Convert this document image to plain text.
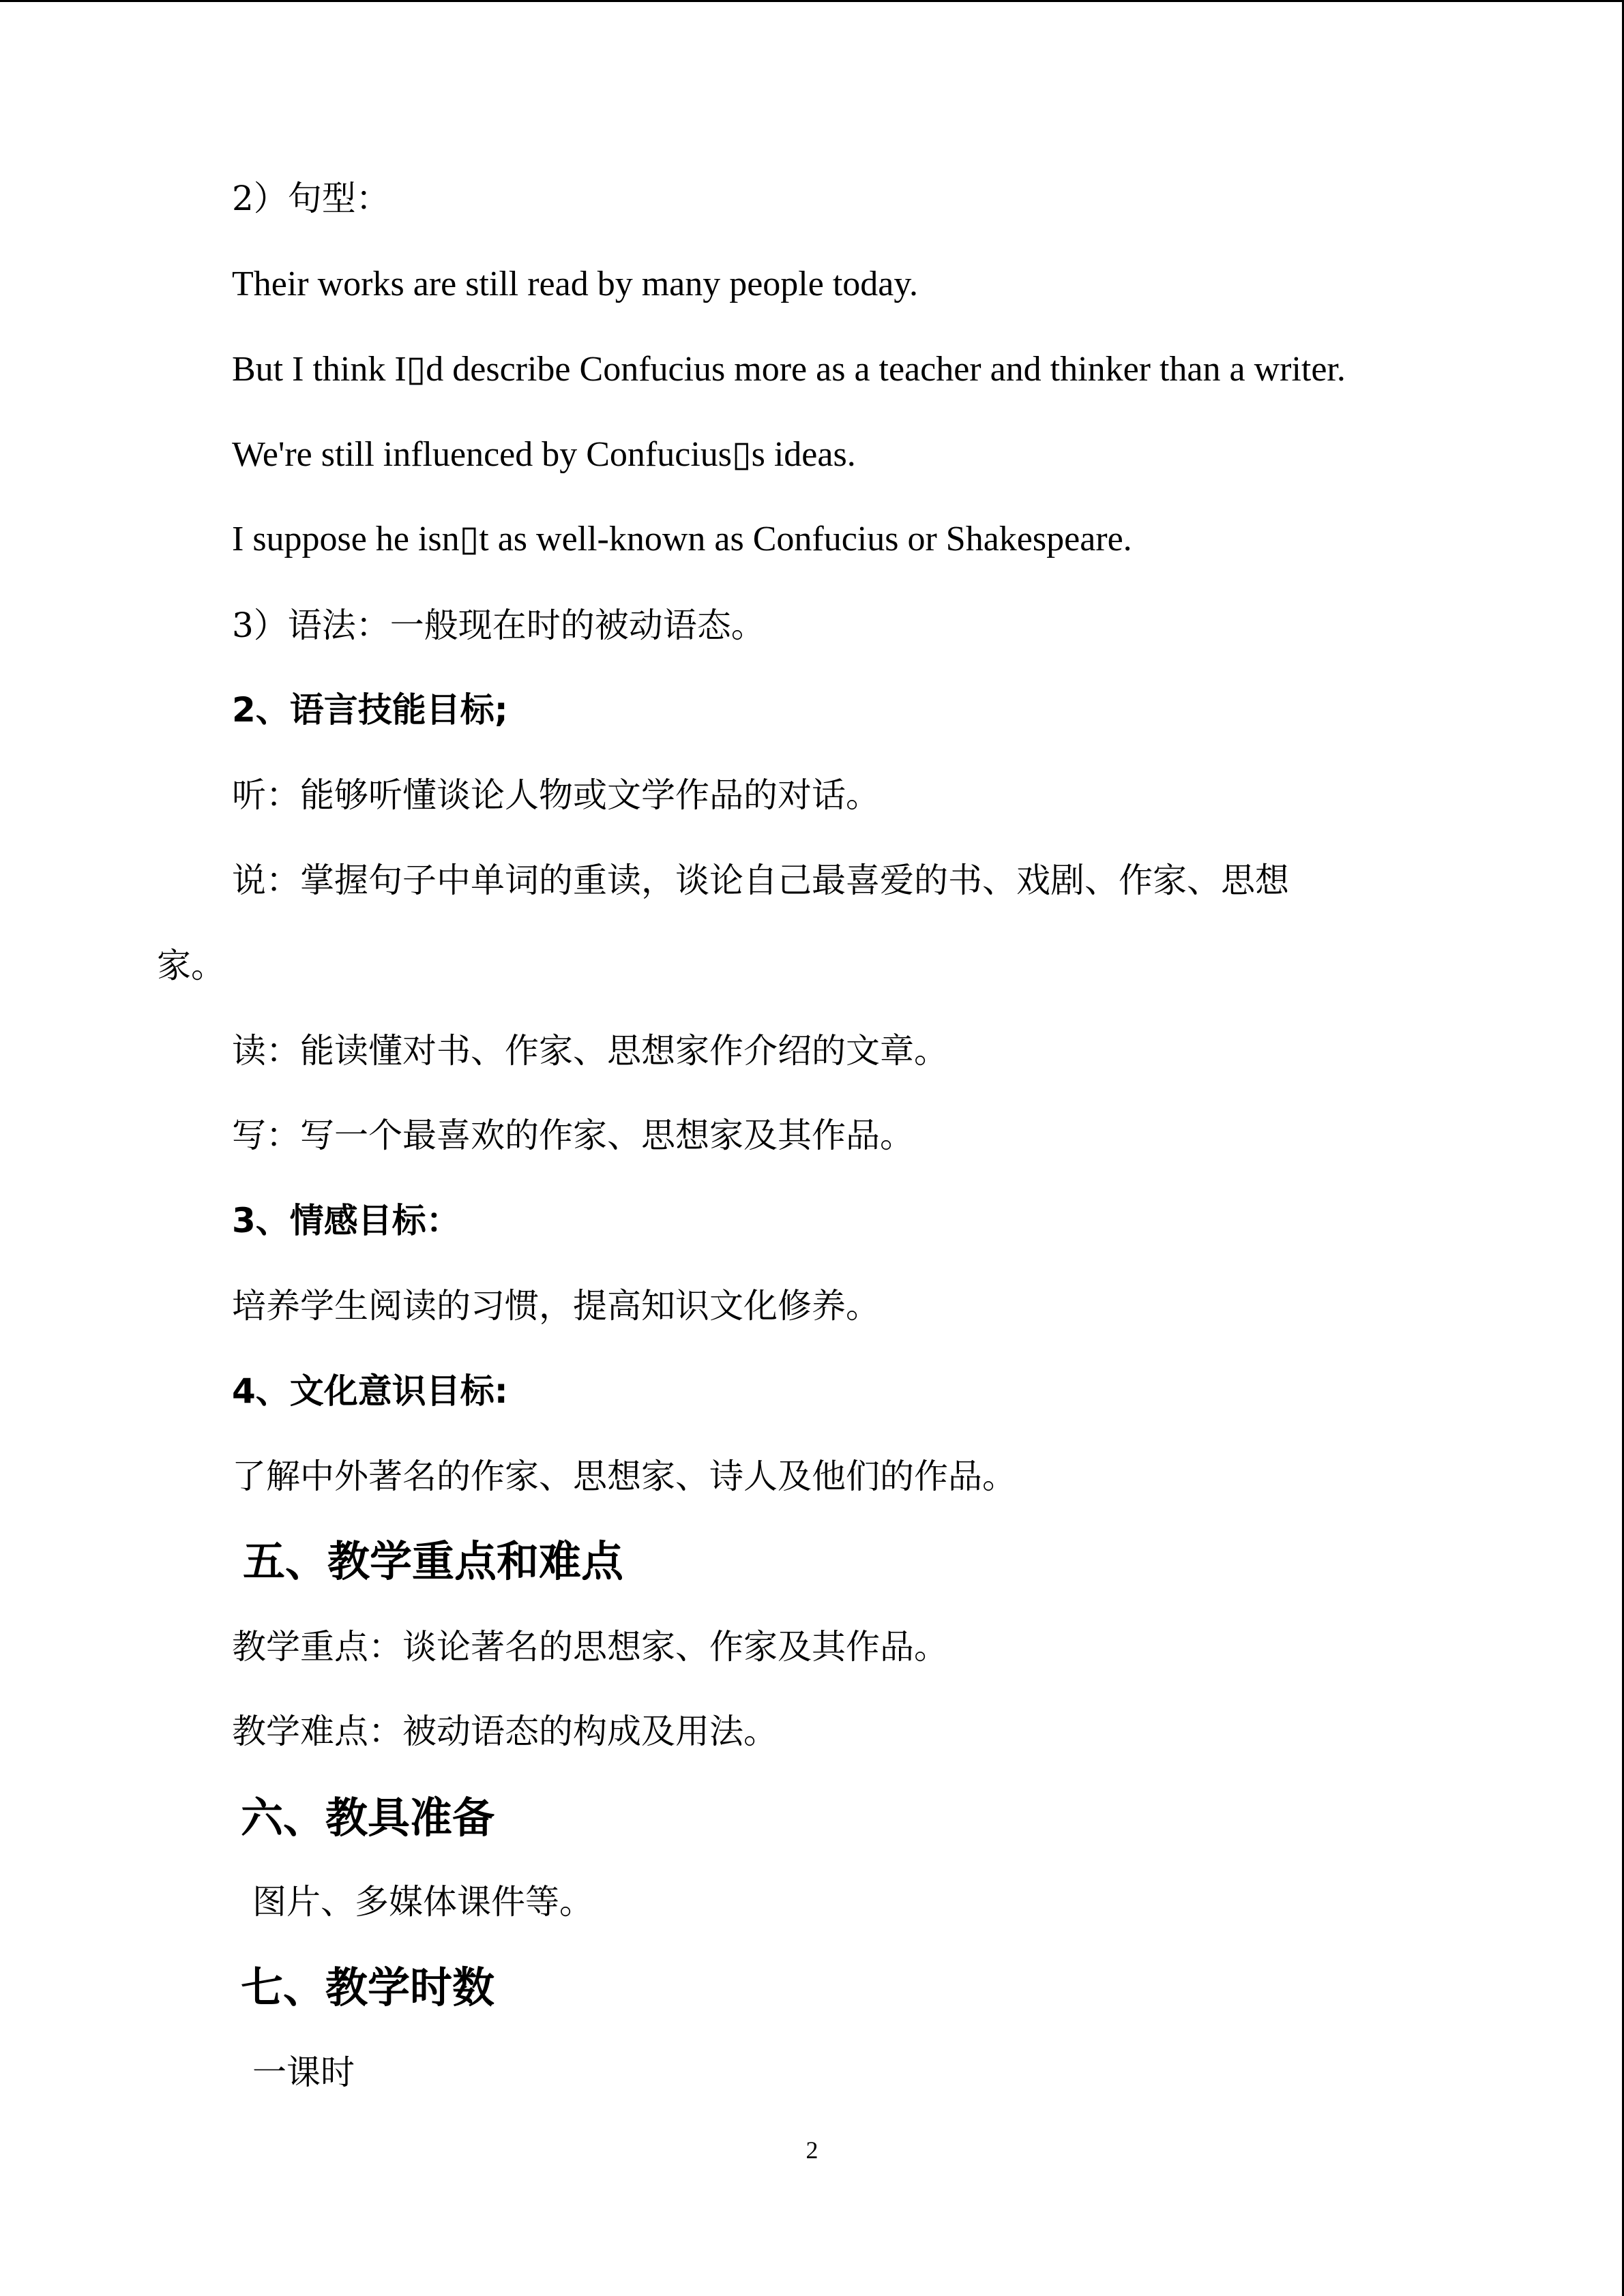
2）句型：
Their works are still read by many people today.
But I think I▯d describe Confucius more as a teacher and thinker than a writer.
We're still influenced by Confucius▯s ideas.
I suppose he isn▯t as well-known as Confucius or Shakespeare.
3）语法：一般现在时的被动语态。
2、语言技能目标;
听：能够听懂谈论人物或文学作品的对话。
说：掌握句子中单词的重读，谈论自己最喜爱的书、戏剧、作家、思想
家。
读：能读懂对书、作家、思想家作介绍的文章。
写：写一个最喜欢的作家、思想家及其作品。
3、情感目标：
培养学生阅读的习惯，提高知识文化修养。
4、文化意识目标:
了解中外著名的作家、思想家、诗人及他们的作品。
五、教学重点和难点
教学重点：谈论著名的思想家、作家及其作品。
教学难点：被动语态的构成及用法。
六、教具准备
图片、多媒体课件等。
七、教学时数
一课时
2
